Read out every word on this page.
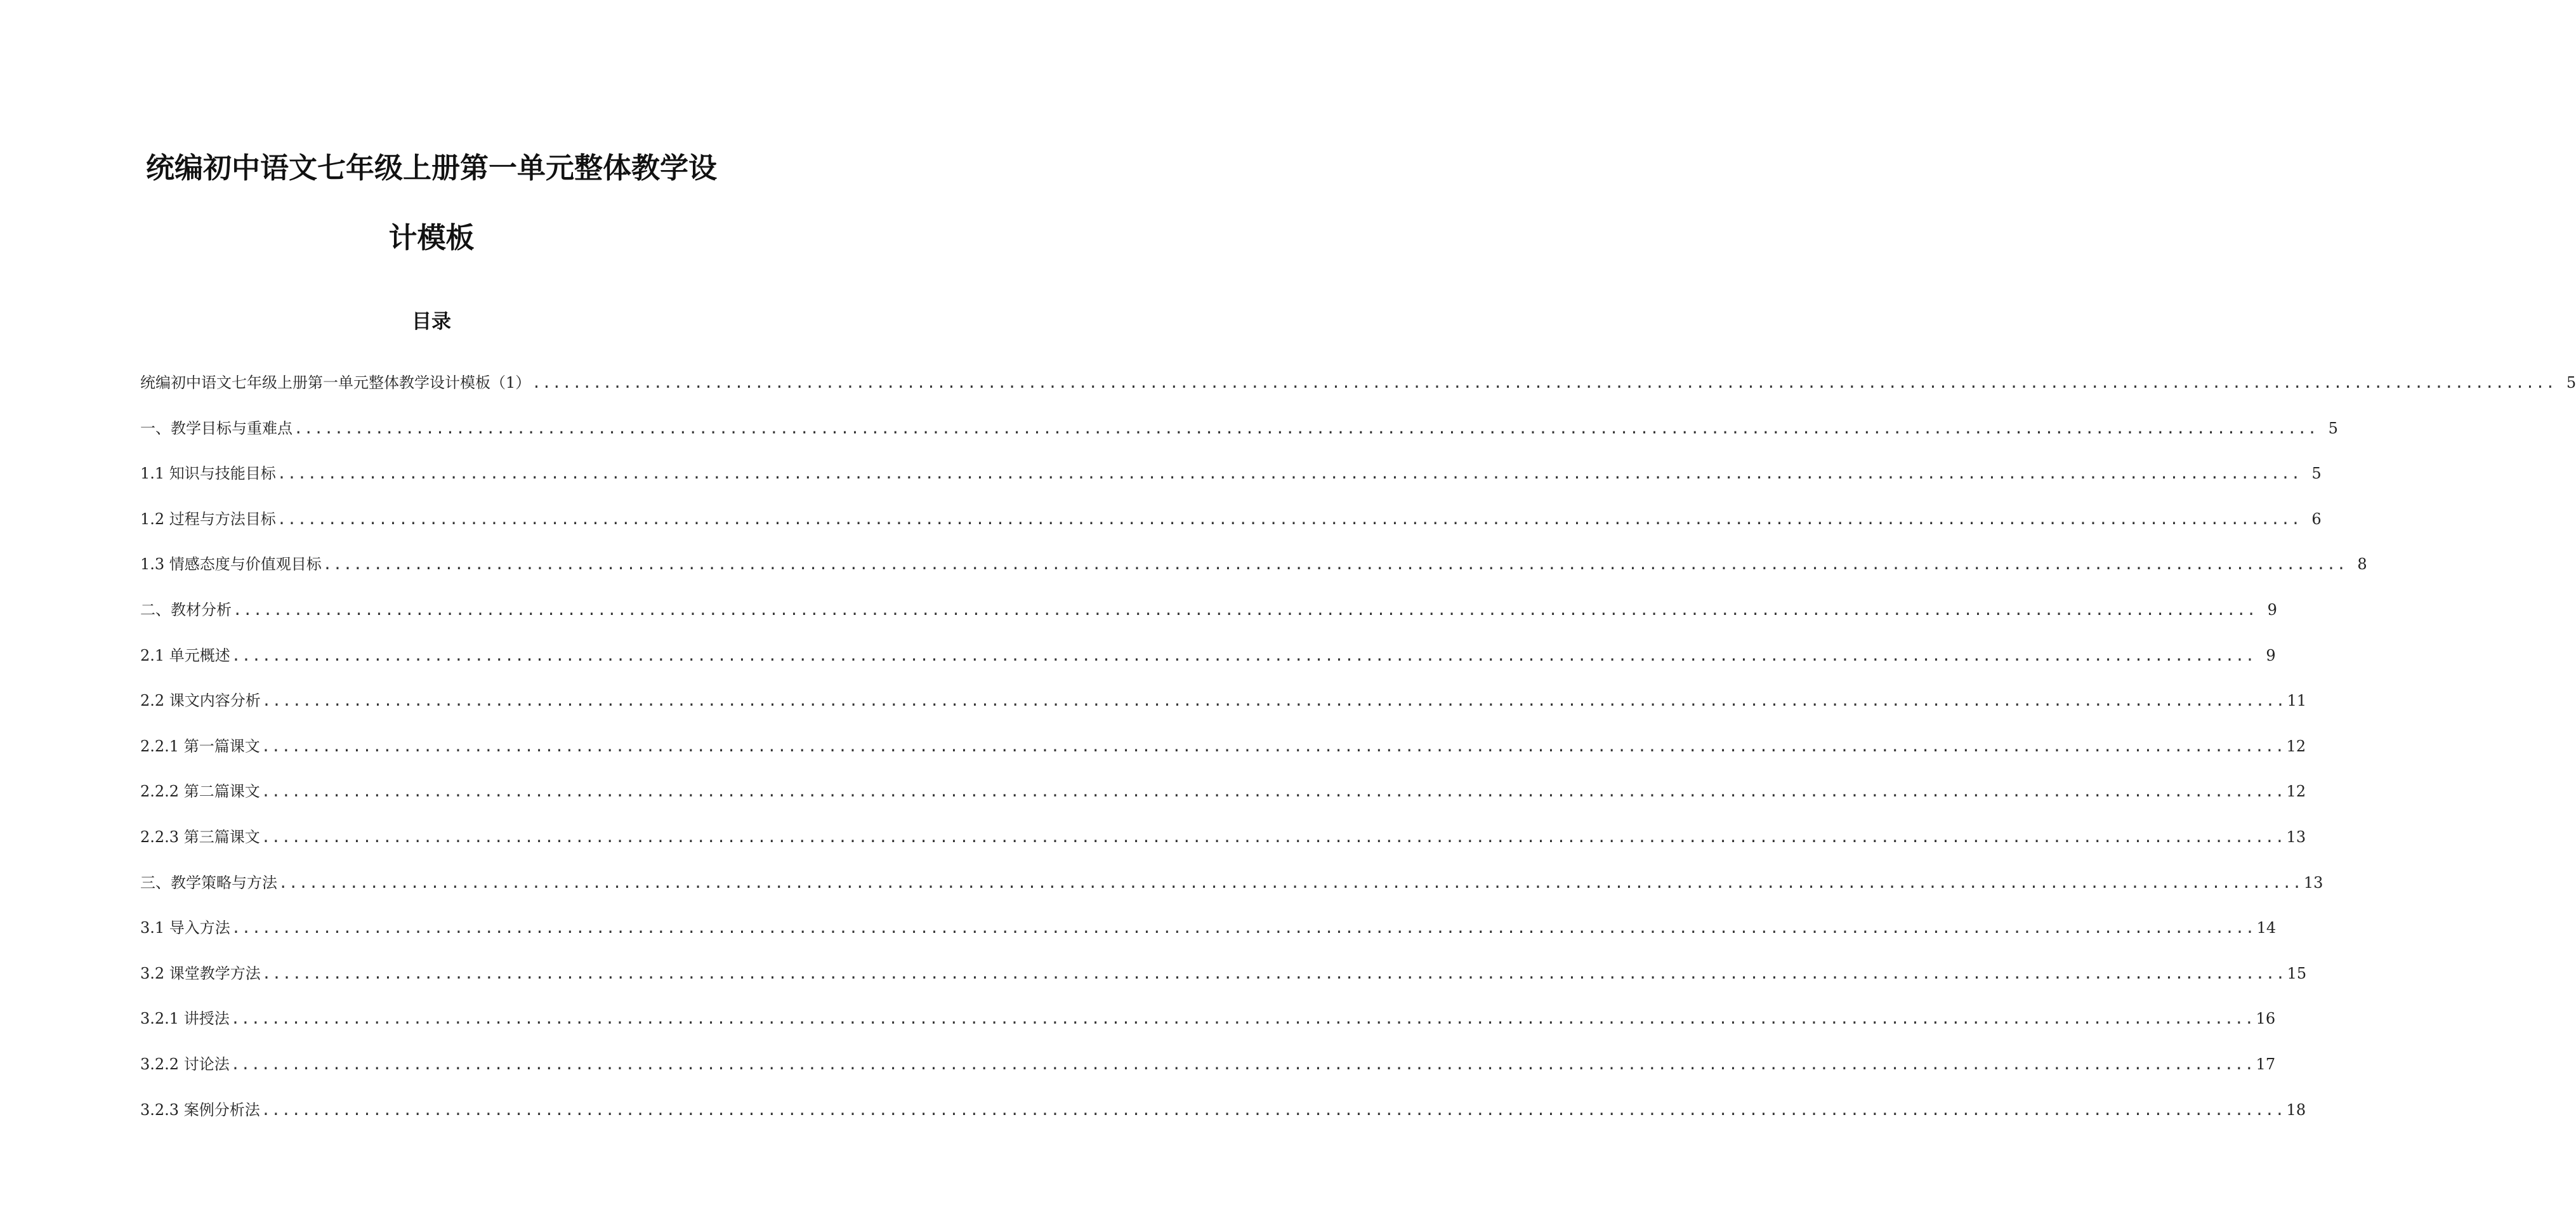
统编初中语文七年级上册第一单元整体教学设
计模板
目录
统编初中语文七年级上册第一单元整体教学设计模板（1） ........................................................................................................................................................................................................ 5
一、教学目标与重难点 ........................................................................................................................................................................................................ 5
1.1 知识与技能目标 ........................................................................................................................................................................................................ 5
1.2 过程与方法目标 ........................................................................................................................................................................................................ 6
1.3 情感态度与价值观目标 ........................................................................................................................................................................................................ 8
二、教材分析 ........................................................................................................................................................................................................ 9
2.1 单元概述 ........................................................................................................................................................................................................ 9
2.2 课文内容分析 ........................................................................................................................................................................................................ 11
2.2.1 第一篇课文 ........................................................................................................................................................................................................ 12
2.2.2 第二篇课文 ........................................................................................................................................................................................................ 12
2.2.3 第三篇课文 ........................................................................................................................................................................................................ 13
三、教学策略与方法 ........................................................................................................................................................................................................ 13
3.1 导入方法 ........................................................................................................................................................................................................ 14
3.2 课堂教学方法 ........................................................................................................................................................................................................ 15
3.2.1 讲授法 ........................................................................................................................................................................................................ 16
3.2.2 讨论法 ........................................................................................................................................................................................................ 17
3.2.3 案例分析法 ........................................................................................................................................................................................................ 18
